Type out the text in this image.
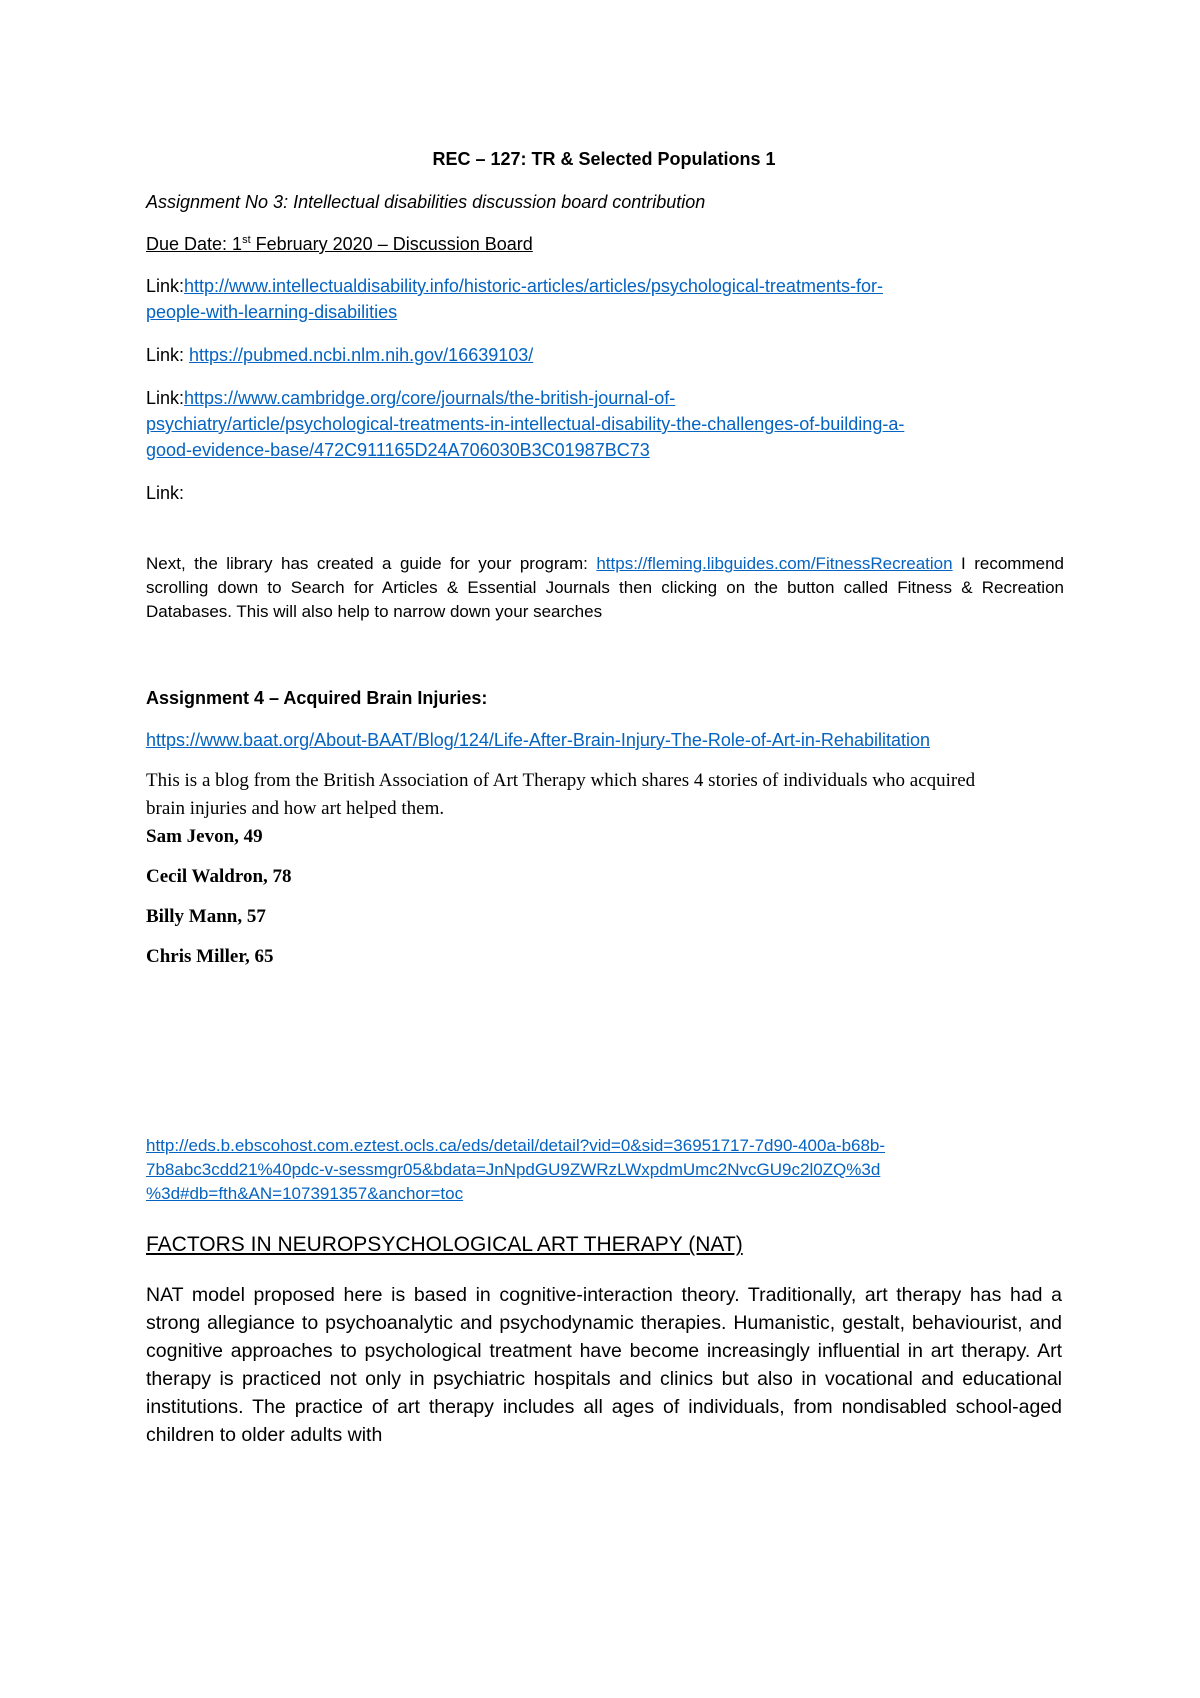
REC – 127: TR & Selected Populations 1

Assignment No 3: Intellectual disabilities discussion board contribution

Due Date: 1st February 2020 – Discussion Board

Link:http://www.intellectualdisability.info/historic-articles/articles/psychological-treatments-for-
people-with-learning-disabilities

Link: https://pubmed.ncbi.nlm.nih.gov/16639103/

Link:https://www.cambridge.org/core/journals/the-british-journal-of-
psychiatry/article/psychological-treatments-in-intellectual-disability-the-challenges-of-building-a-
good-evidence-base/472C911165D24A706030B3C01987BC73

Link:

Next, the library has created a guide for your program: https://fleming.libguides.com/FitnessRecreation I recommend scrolling down to Search for Articles & Essential Journals then clicking on the button called Fitness & Recreation Databases. This will also help to narrow down your searches

Assignment 4 – Acquired Brain Injuries:

https://www.baat.org/About-BAAT/Blog/124/Life-After-Brain-Injury-The-Role-of-Art-in-Rehabilitation

This is a blog from the British Association of Art Therapy which shares 4 stories of individuals who acquired brain injuries and how art helped them.

Sam Jevon, 49

Cecil Waldron, 78

Billy Mann, 57

Chris Miller, 65

http://eds.b.ebscohost.com.eztest.ocls.ca/eds/detail/detail?vid=0&sid=36951717-7d90-400a-b68b-
7b8abc3cdd21%40pdc-v-sessmgr05&bdata=JnNpdGU9ZWRzLWxpdmUmc2NvcGU9c2l0ZQ%3d
%3d#db=fth&AN=107391357&anchor=toc

FACTORS IN NEUROPSYCHOLOGICAL ART THERAPY (NAT)

NAT model proposed here is based in cognitive-interaction theory. Traditionally, art therapy has had a strong allegiance to psychoanalytic and psychodynamic therapies. Humanistic, gestalt, behaviourist, and cognitive approaches to psychological treatment have become increasingly influential in art therapy. Art therapy is practiced not only in psychiatric hospitals and clinics but also in vocational and educational institutions. The practice of art therapy includes all ages of individuals, from nondisabled school-aged children to older adults with
